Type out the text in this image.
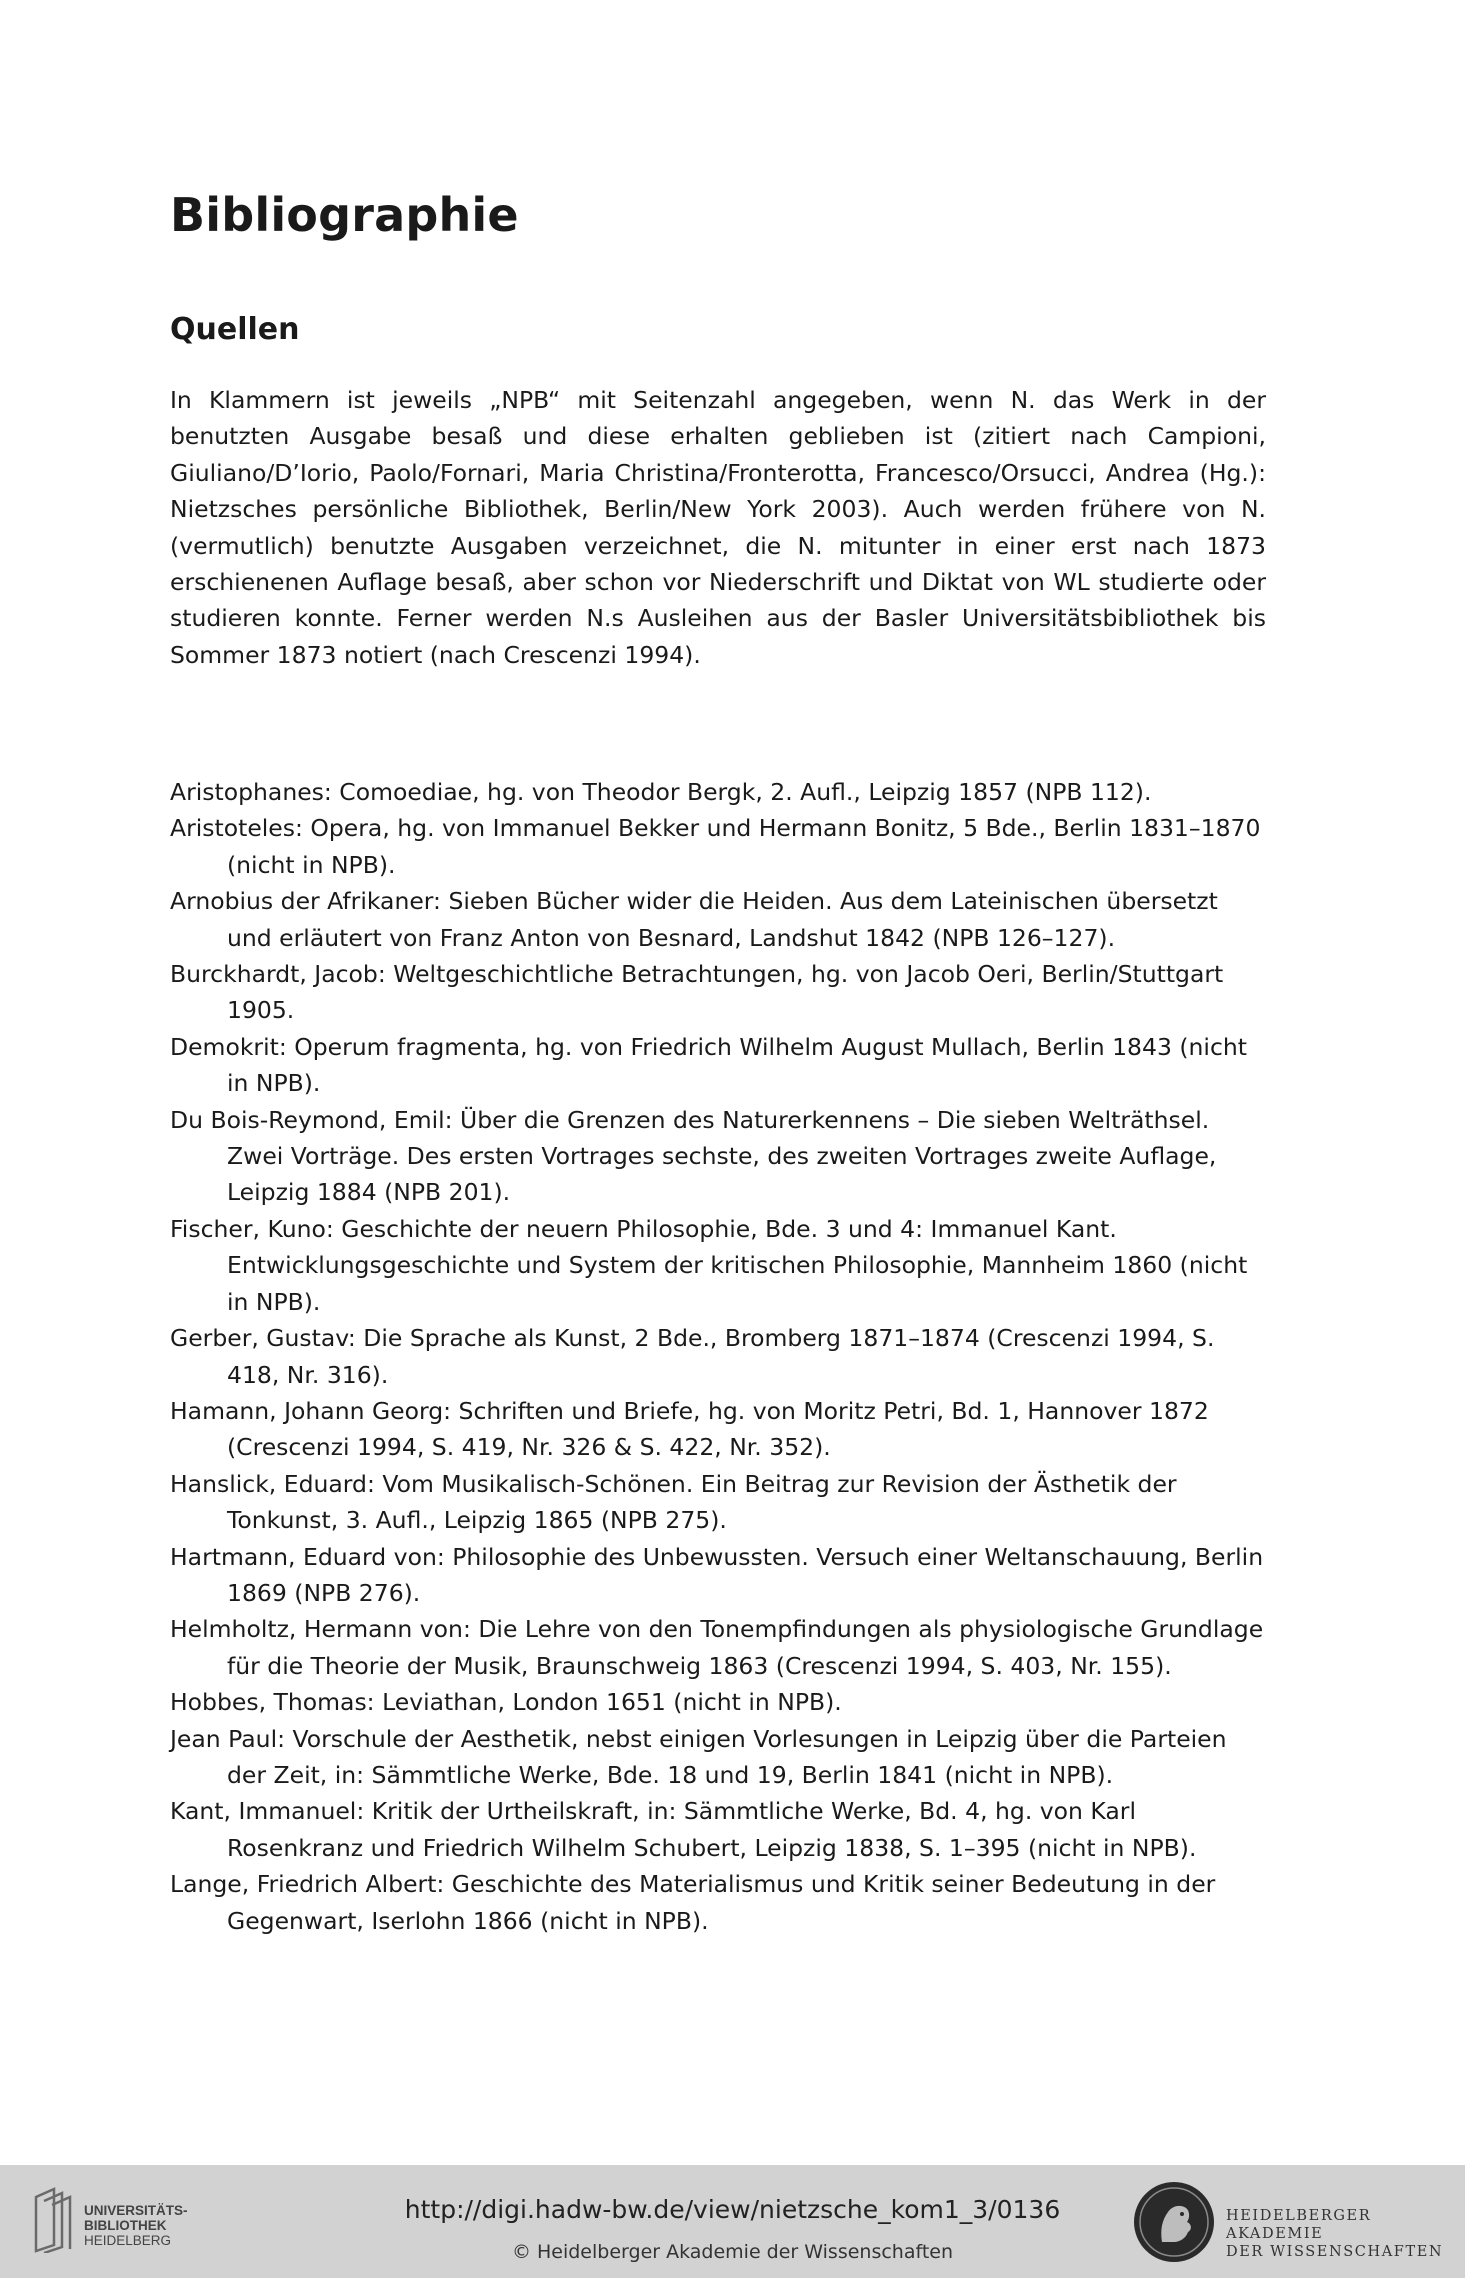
Bibliographie
Quellen

In Klammern ist jeweils „NPB“ mit Seitenzahl angegeben, wenn N. das Werk in der benutzten Ausgabe besaß und diese erhalten geblieben ist (zitiert nach Campioni, Giuliano/D’Iorio, Paolo/Fornari, Maria Christina/Fronterotta, Francesco/Orsucci, Andrea (Hg.): Nietzsches persönliche Bibliothek, Berlin/New York 2003). Auch werden frühere von N. (vermutlich) benutzte Ausgaben verzeichnet, die N. mitunter in einer erst nach 1873 erschienenen Auflage besaß, aber schon vor Niederschrift und Diktat von WL studierte oder studieren konnte. Ferner werden N.s Ausleihen aus der Basler Universitätsbibliothek bis Sommer 1873 notiert (nach Crescenzi 1994).

Aristophanes: Comoediae, hg. von Theodor Bergk, 2. Aufl., Leipzig 1857 (NPB 112).
Aristoteles: Opera, hg. von Immanuel Bekker und Hermann Bonitz, 5 Bde., Berlin 1831–1870 (nicht in NPB).
Arnobius der Afrikaner: Sieben Bücher wider die Heiden. Aus dem Lateinischen übersetzt und erläutert von Franz Anton von Besnard, Landshut 1842 (NPB 126–127).
Burckhardt, Jacob: Weltgeschichtliche Betrachtungen, hg. von Jacob Oeri, Berlin/Stuttgart 1905.
Demokrit: Operum fragmenta, hg. von Friedrich Wilhelm August Mullach, Berlin 1843 (nicht in NPB).
Du Bois-Reymond, Emil: Über die Grenzen des Naturerkennens – Die sieben Welträthsel. Zwei Vorträge. Des ersten Vortrages sechste, des zweiten Vortrages zweite Auflage, Leipzig 1884 (NPB 201).
Fischer, Kuno: Geschichte der neuern Philosophie, Bde. 3 und 4: Immanuel Kant. Entwicklungsgeschichte und System der kritischen Philosophie, Mannheim 1860 (nicht in NPB).
Gerber, Gustav: Die Sprache als Kunst, 2 Bde., Bromberg 1871–1874 (Crescenzi 1994, S. 418, Nr. 316).
Hamann, Johann Georg: Schriften und Briefe, hg. von Moritz Petri, Bd. 1, Hannover 1872 (Crescenzi 1994, S. 419, Nr. 326 & S. 422, Nr. 352).
Hanslick, Eduard: Vom Musikalisch-Schönen. Ein Beitrag zur Revision der Ästhetik der Tonkunst, 3. Aufl., Leipzig 1865 (NPB 275).
Hartmann, Eduard von: Philosophie des Unbewussten. Versuch einer Weltanschauung, Berlin 1869 (NPB 276).
Helmholtz, Hermann von: Die Lehre von den Tonempfindungen als physiologische Grundlage für die Theorie der Musik, Braunschweig 1863 (Crescenzi 1994, S. 403, Nr. 155).
Hobbes, Thomas: Leviathan, London 1651 (nicht in NPB).
Jean Paul: Vorschule der Aesthetik, nebst einigen Vorlesungen in Leipzig über die Parteien der Zeit, in: Sämmtliche Werke, Bde. 18 und 19, Berlin 1841 (nicht in NPB).
Kant, Immanuel: Kritik der Urtheilskraft, in: Sämmtliche Werke, Bd. 4, hg. von Karl Rosenkranz und Friedrich Wilhelm Schubert, Leipzig 1838, S. 1–395 (nicht in NPB).
Lange, Friedrich Albert: Geschichte des Materialismus und Kritik seiner Bedeutung in der Gegenwart, Iserlohn 1866 (nicht in NPB).
UNIVERSITÄTS-
BIBLIOTHEK
HEIDELBERG
http://digi.hadw-bw.de/view/nietzsche_kom1_3/0136
© Heidelberger Akademie der Wissenschaften
HEIDELBERGER AKADEMIE
DER WISSENSCHAFTEN
